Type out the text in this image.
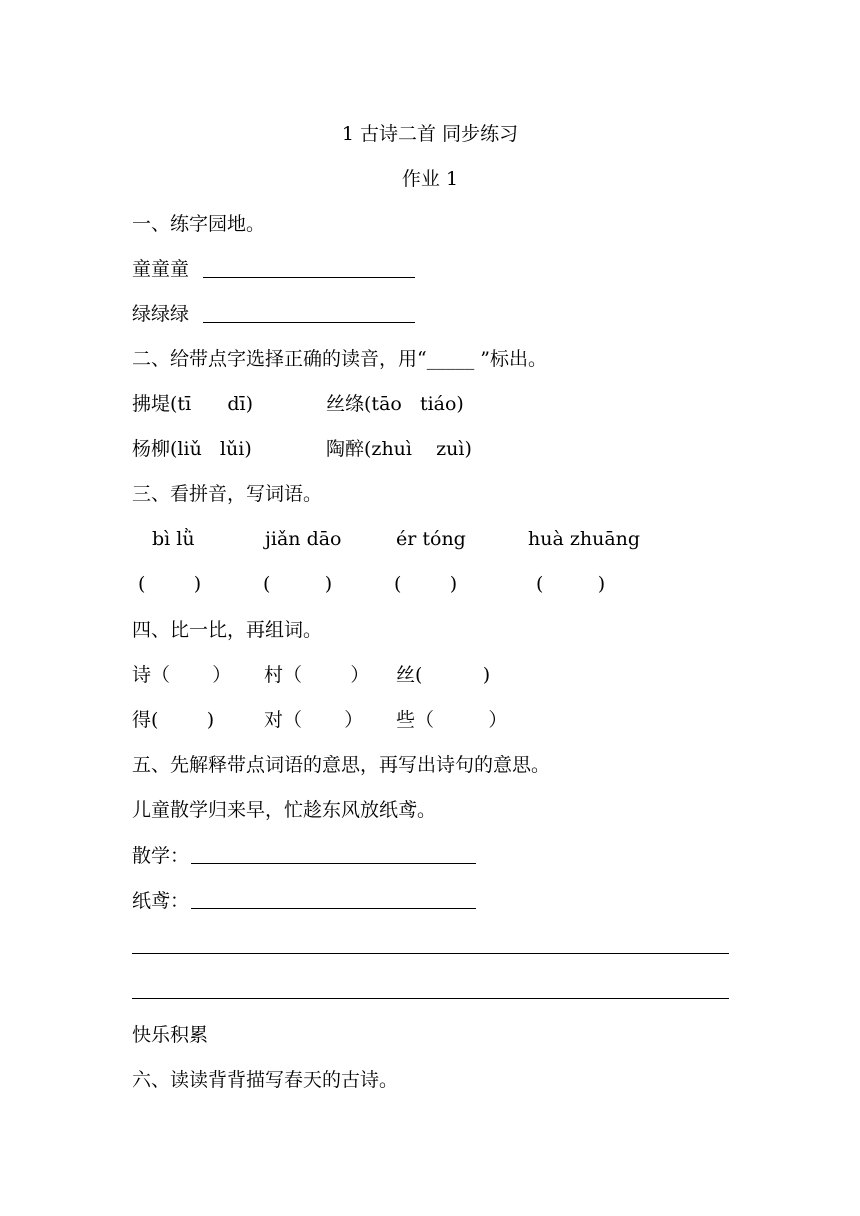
1 古诗二首 同步练习
作业 1
一、练字园地。
童童童
绿绿绿
二、给带点字选择正确的读音，用“_____ ”标出。
拂堤(tī      dī)	丝绦(tāo   tiáo)
杨柳(liǔ   lǔi)	陶醉(zhuì    zuì)
三、看拼音，写词语。
bì lǜ	jiǎn dāo	ér tóng	huà zhuāng
(        )	(         )	(        )	(         )
四、比一比，再组词。
诗（       ） 村（        ） 丝(          )
得(        )	对（       ） 些（         ）
五、先解释带点词语的意思，再写出诗句的意思。
儿童散学归来早，忙趁东风放纸鸢。
散学：
纸鸢：
快乐积累
六、读读背背描写春天的古诗。
